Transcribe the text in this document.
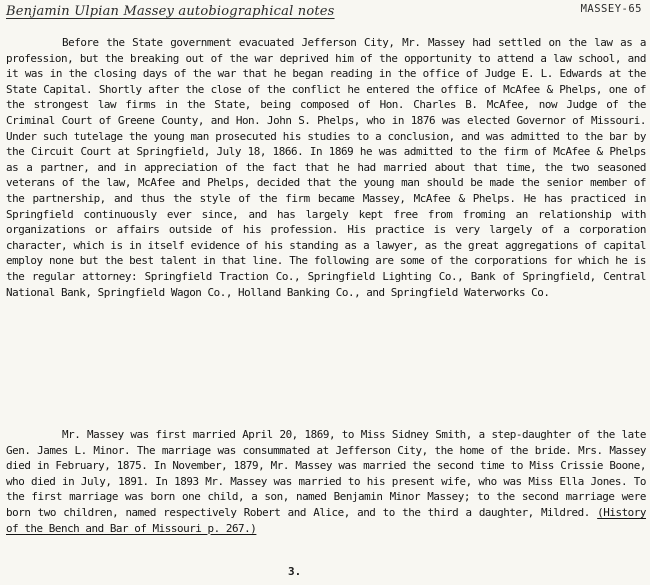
Benjamin Ulpian Massey autobiographical notes	MASSEY-65

Before the State government evacuated Jefferson City, Mr. Massey had settled on the law as a profession, but the breaking out of the war deprived him of the opportunity to attend a law school, and it was in the closing days of the war that he began reading in the office of Judge E. L. Edwards at the State Capital. Shortly after the close of the conflict he entered the office of McAfee & Phelps, one of the strongest law firms in the State, being composed of Hon. Charles B. McAfee, now Judge of the Criminal Court of Greene County, and Hon. John S. Phelps, who in 1876 was elected Governor of Missouri. Under such tutelage the young man prosecuted his studies to a conclusion, and was admitted to the bar by the Circuit Court at Springfield, July 18, 1866. In 1869 he was admitted to the firm of McAfee & Phelps as a partner, and in appreciation of the fact that he had married about that time, the two seasoned veterans of the law, McAfee and Phelps, decided that the young man should be made the senior member of the partnership, and thus the style of the firm became Massey, McAfee & Phelps. He has practiced in Springfield continuously ever since, and has largely kept free from froming an relationship with organizations or affairs outside of his profession. His practice is very largely of a corporation character, which is in itself evidence of his standing as a lawyer, as the great aggregations of capital employ none but the best talent in that line. The following are some of the corporations for which he is the regular attorney: Springfield Traction Co., Springfield Lighting Co., Bank of Springfield, Central National Bank, Springfield Wagon Co., Holland Banking Co., and Springfield Waterworks Co.

Mr. Massey was first married April 20, 1869, to Miss Sidney Smith, a step-daughter of the late Gen. James L. Minor. The marriage was consummated at Jefferson City, the home of the bride. Mrs. Massey died in February, 1875. In November, 1879, Mr. Massey was married the second time to Miss Crissie Boone, who died in July, 1891. In 1893 Mr. Massey was married to his present wife, who was Miss Ella Jones. To the first marriage was born one child, a son, named Benjamin Minor Massey; to the second marriage were born two children, named respectively Robert and Alice, and to the third a daughter, Mildred. (History of the Bench and Bar of Missouri p. 267.)

3.
